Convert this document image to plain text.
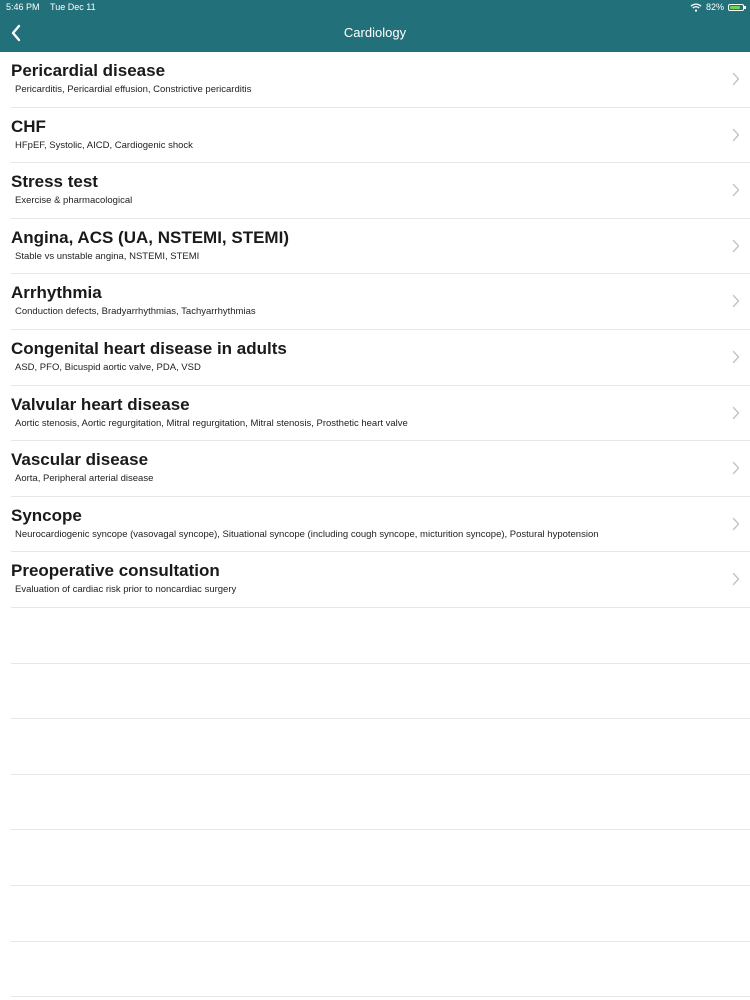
5:46 PM Tue Dec 11	82%
Cardiology
Pericardial disease
Pericarditis, Pericardial effusion, Constrictive pericarditis
CHF
HFpEF, Systolic, AICD, Cardiogenic shock
Stress test
Exercise & pharmacological
Angina, ACS (UA, NSTEMI, STEMI)
Stable vs unstable angina, NSTEMI, STEMI
Arrhythmia
Conduction defects, Bradyarrhythmias, Tachyarrhythmias
Congenital heart disease in adults
ASD, PFO, Bicuspid aortic valve, PDA, VSD
Valvular heart disease
Aortic stenosis, Aortic regurgitation, Mitral regurgitation, Mitral stenosis, Prosthetic heart valve
Vascular disease
Aorta, Peripheral arterial disease
Syncope
Neurocardiogenic syncope (vasovagal syncope), Situational syncope (including cough syncope, micturition syncope), Postural hypotension
Preoperative consultation
Evaluation of cardiac risk prior to noncardiac surgery
